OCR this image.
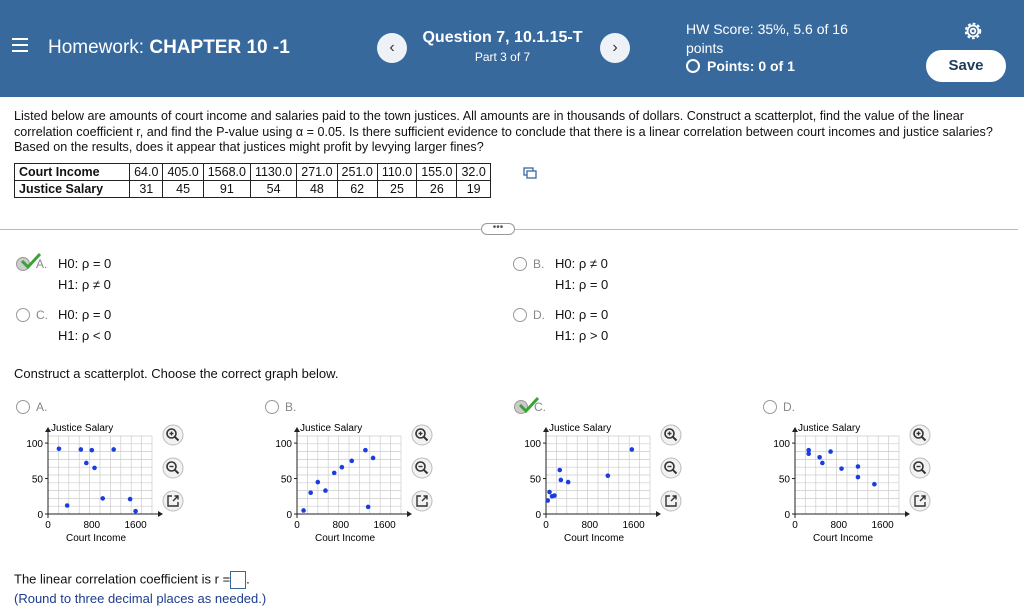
Homework: CHAPTER 10 -1	‹
Question 7, 10.1.15-T
Part 3 of 7
›
HW Score: 35%, 5.6 of 16 points
Points: 0 of 1	Save
Listed below are amounts of court income and salaries paid to the town justices. All amounts are in thousands of dollars. Construct a scatterplot, find the value of the linear correlation coefficient r, and find the P-value using α = 0.05. Is there sufficient evidence to conclude that there is a linear correlation between court incomes and justice salaries? Based on the results, does it appear that justices might profit by levying larger fines?
Court Income	64.0	405.0	1568.0	1130.0	271.0	251.0	110.0	155.0	32.0
Justice Salary	31	45	91	54	48	62	25	26	19
•••
A. H0: ρ = 0
H1: ρ ≠ 0
B. H0: ρ ≠ 0
H1: ρ = 0
C. H0: ρ = 0
H1: ρ < 0
D. H0: ρ = 0
H1: ρ > 0
Construct a scatterplot. Choose the correct graph below.
A.
100
50
0
0	800 1600
Justice Salary
Court Income
B.
100
50
0
0	800 1600
Justice Salary
Court Income
C.
100
50
0
0	800 1600
Justice Salary
Court Income
D.
100
50
0
0	800 1600
Justice Salary
Court Income
The linear correlation coefficient is r = .
(Round to three decimal places as needed.)
